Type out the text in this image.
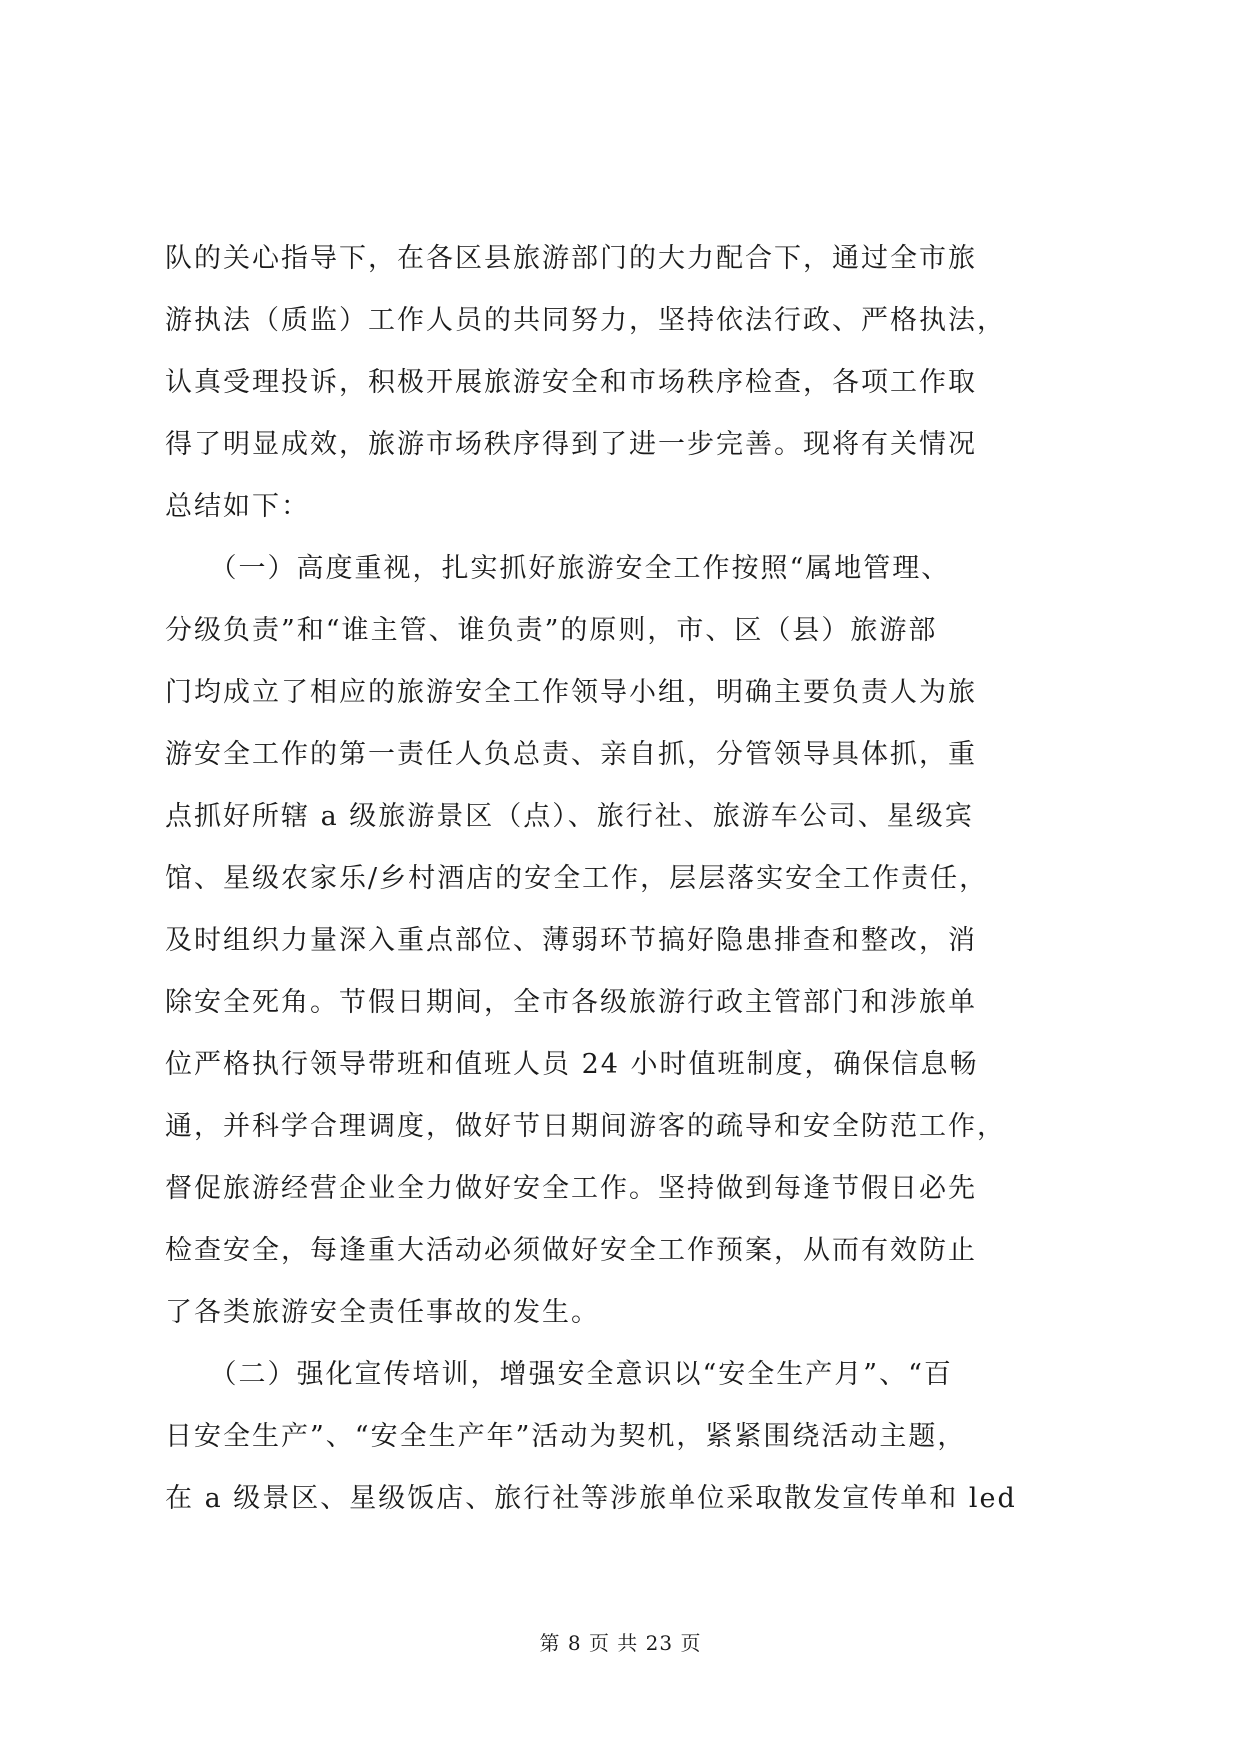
队的关心指导下，在各区县旅游部门的大力配合下，通过全市旅
游执法（质监）工作人员的共同努力，坚持依法行政、严格执法，
认真受理投诉，积极开展旅游安全和市场秩序检查，各项工作取
得了明显成效，旅游市场秩序得到了进一步完善。现将有关情况
总结如下：
　　（一）高度重视，扎实抓好旅游安全工作按照“属地管理、
分级负责”和“谁主管、谁负责”的原则，市、区（县）旅游部
门均成立了相应的旅游安全工作领导小组，明确主要负责人为旅
游安全工作的第一责任人负总责、亲自抓，分管领导具体抓，重
点抓好所辖 a 级旅游景区（点）、旅行社、旅游车公司、星级宾
馆、星级农家乐/乡村酒店的安全工作，层层落实安全工作责任，
及时组织力量深入重点部位、薄弱环节搞好隐患排查和整改，消
除安全死角。节假日期间，全市各级旅游行政主管部门和涉旅单
位严格执行领导带班和值班人员 24 小时值班制度，确保信息畅
通，并科学合理调度，做好节日期间游客的疏导和安全防范工作，
督促旅游经营企业全力做好安全工作。坚持做到每逢节假日必先
检查安全，每逢重大活动必须做好安全工作预案，从而有效防止
了各类旅游安全责任事故的发生。
　　（二）强化宣传培训，增强安全意识以“安全生产月”、“百
日安全生产”、“安全生产年”活动为契机，紧紧围绕活动主题，
在 a 级景区、星级饭店、旅行社等涉旅单位采取散发宣传单和 led
第 8 页 共 23 页
